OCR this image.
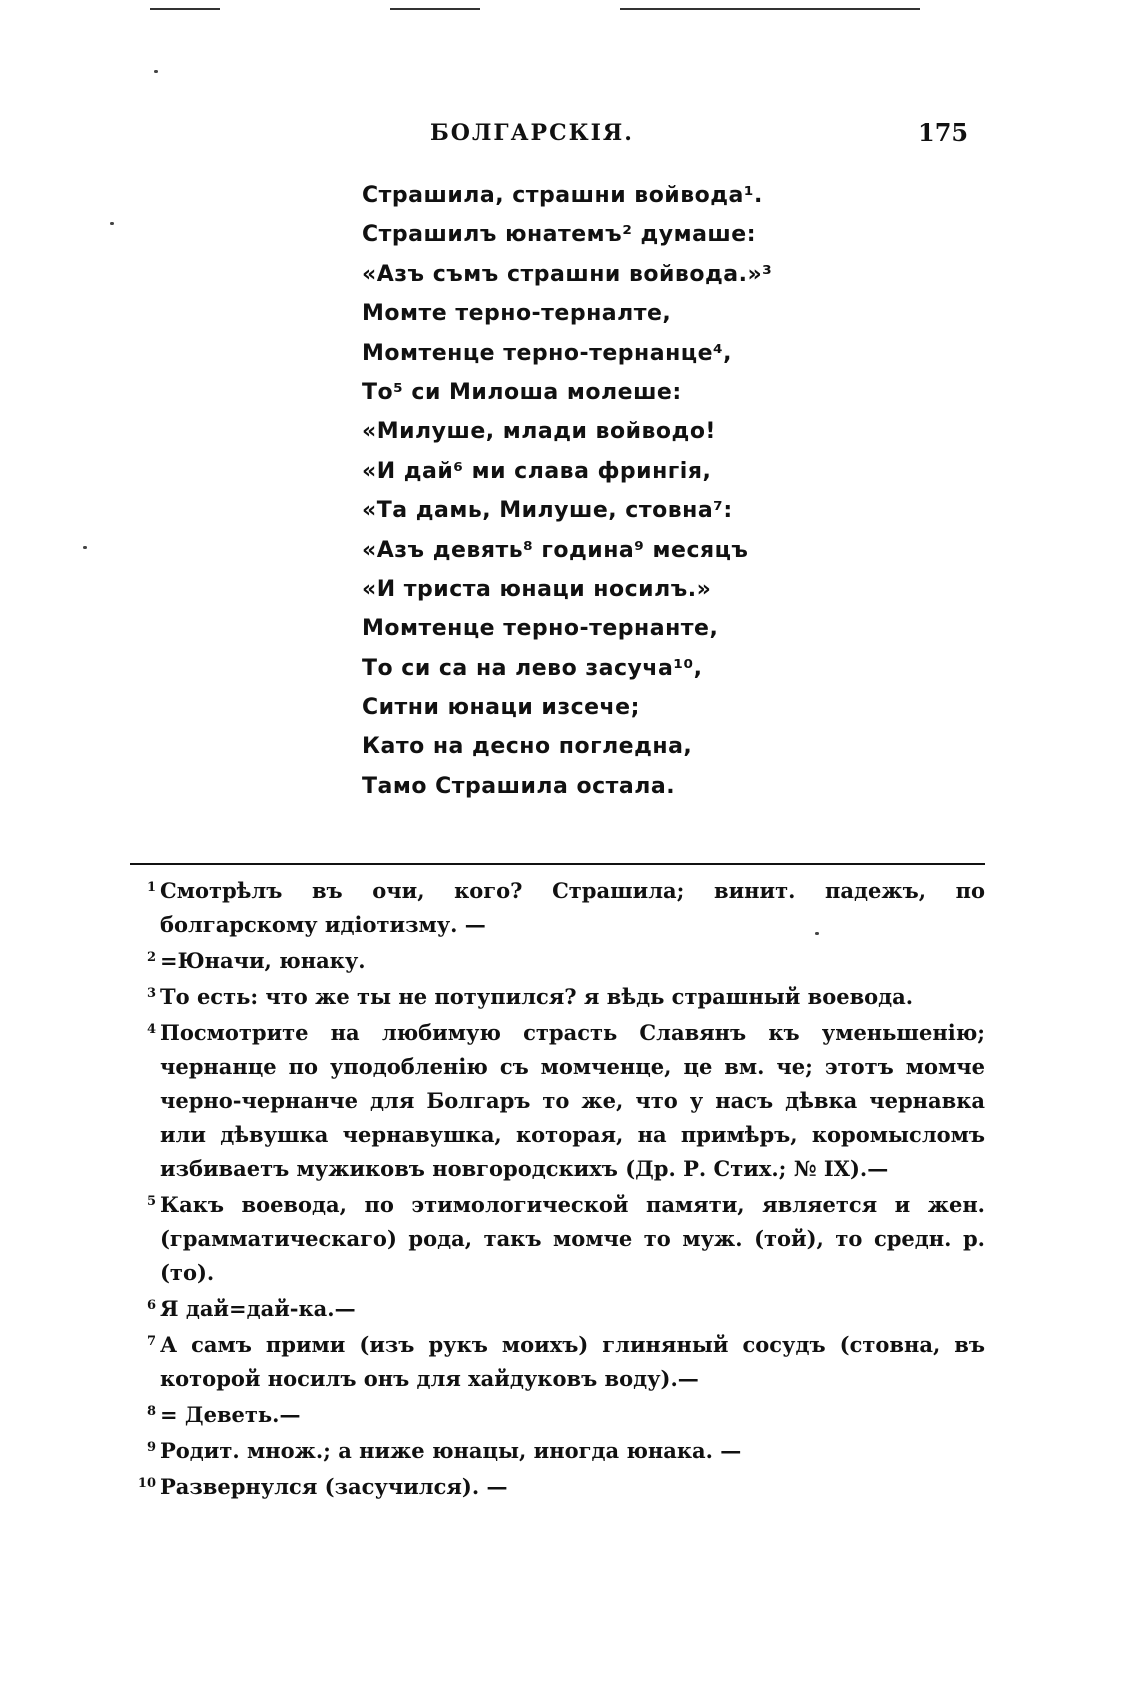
БОЛГАРСКІЯ.	175
Страшила, страшни войвода¹.
Страшилъ юнатемъ² думаше:
«Азъ съмъ страшни войвода.»³
Момте терно-терналте,
Момтенце терно-тернанце⁴,
То⁵ си Милоша молеше:
«Милуше, млади войводо!
«И дай⁶ ми слава фрингія,
«Та дамь, Милуше, стовна⁷:
«Азъ девять⁸ година⁹ месяцъ
«И триста юнаци носилъ.»
Момтенце терно-тернанте,
То си са на лево засуча¹⁰,
Ситни юнаци изсече;
Като на десно погледна,
Тамо Страшила остала.
1 Смотрѣлъ въ очи, кого? Страшила; винит. падежъ, по болгарскому идіотизму. —
2 =Юначи, юнаку.
3 То есть: что же ты не потупился? я вѣдь страшный воевода.
4 Посмотрите на любимую страсть Славянъ къ уменьшенію; чернанце по уподобленію съ момченце, це вм. че; этотъ момче черно-чернанче для Болгаръ то же, что у насъ дѣвка чернавка или дѣвушка чернавушка, которая, на примѣръ, коромысломъ избиваетъ мужиковъ новгородскихъ (Др. Р. Стих.; № IX).—
5 Какъ воевода, по этимологической памяти, является и жен. (грамматическаго) рода, такъ момче то муж. (той), то средн. р. (то).
6 Я дай=дай-ка.—
7 А самъ прими (изъ рукъ моихъ) глиняный сосудъ (стовна, въ которой носилъ онъ для хайдуковъ воду).—
8 = Деветь.—
9 Родит. множ.; а ниже юнацы, иногда юнака. —
10 Развернулся (засучился). —
